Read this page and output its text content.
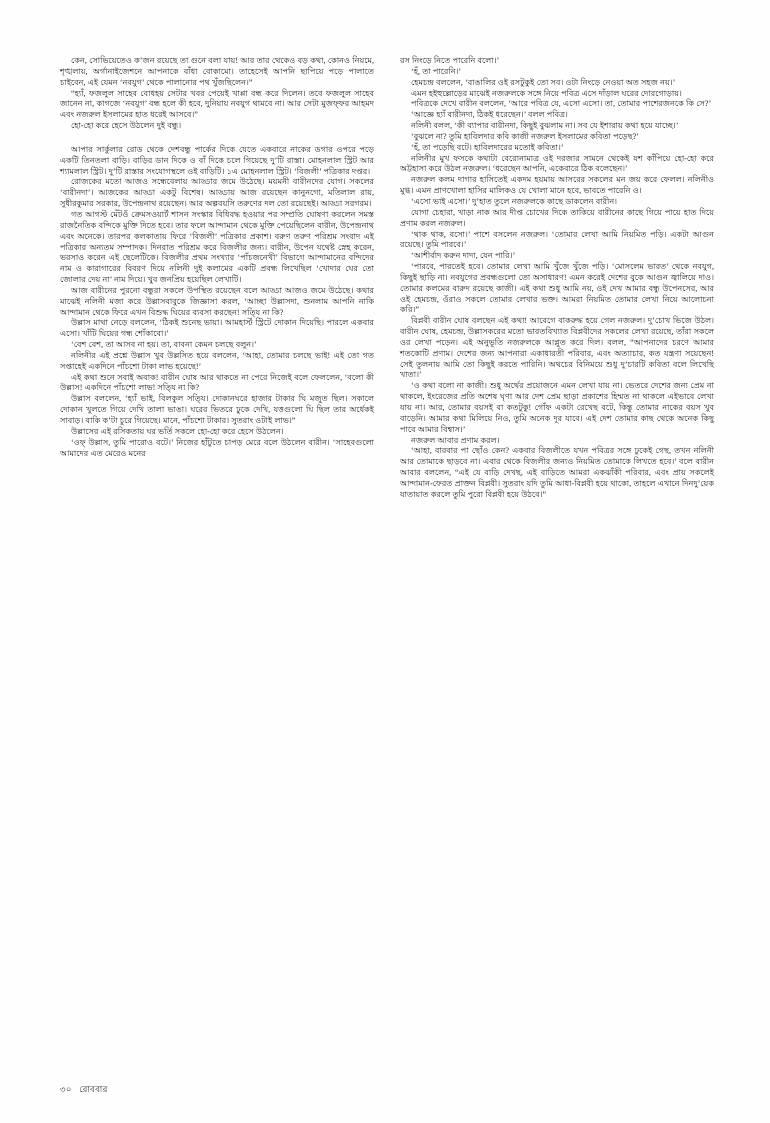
কেন, সোভিয়েতেও ক’জন রয়েছে তা গুনে বলা যায়! আর তার থেকেও বড় কথা, কোনও নিয়মে, শৃঙ্খলায়, অর্গানাইজেশনে আপনাকে বাঁধা বোকামো। তাহেসেই আপনি ছাপিয়ে পড়ে পালাতে চাইবেন, এই যেমন ‘নবযুগ’ থেকে পালানোর পথ খুঁজছিলেন।”

“হ্যাঁ, ফজলুল সাহেব বোধহয় সেটার খবর পেয়েই খাপ্পা বন্ধ করে দিলেন। তবে ফজলুল সাহেব জানেন না, কাগজে ‘নবযুগ’ বন্ধ হলে কী হবে, দুনিয়ায় নবযুগ থামবে না। আর সেটা মুজফ্‌ফর আহমদ এবং নজরুল ইসলামের হাত ধরেই আসবে।”

হো-হো করে হেসে উঠলেন দুই বন্ধু।

আপার সার্কুলার রোড থেকে দেশবন্ধু পার্কের দিকে যেতে একবারে নাকের ডগার ওপরে পড়ে একটি তিনতলা বাড়ি। বাড়ির ডান দিকে ও বাঁ দিকে চলে গিয়েছে দু’টি রাস্তা। মোহনলাল স্ট্রিট আর শ্যামলাল স্ট্রিট। দু’টি রাস্তার সংযোগস্থলে ওই বাড়িটি। ১এ মোহনলাল স্ট্রিট। ‘বিজলী’ পত্রিকার দপ্তর।

রোজকের মতো আজও সন্ধেবেলায় আড্ডার জমে উঠেছে। ময়মনী বারীনদের যোগ। সকলের ‘বারীনদা’। আজকের আড্ডা একটু বিশেষ। আড্ডায় আজ রয়েছেন কানুনগো, মতিলাল রায়, সুধীরকুমার সরকার, উপেন্দ্রনাথ রয়েছেন। আর অল্পবয়সি তরুণের দল তো রয়েছেই। আড্ডা সরগরম।

গত আগস্ট মেঁটওঁ ক্রেমসওয়ার্ট শাসন সংস্কার বিধিবদ্ধ হওয়ার পর সম্প্রতি ঘোষণা করলেন সমস্ত রাজনৈতিক বন্দিকে মুক্তি দিতে হবে। তার ফলে আন্দামান থেকে মুক্তি পেয়েছিলেন বারীন, উপেন্দ্রনাথ এবং অনেকে। তারপর কলকাতায় ফিরে ‘বিজলী’ পত্রিকার প্রকাশ। বরুণ তরুণ পরিশ্রম সংবাদ এই পত্রিকার অন্যতম সম্পাদক। দিনরাত পরিশ্রম করে বিজলীর জন্য। বারীন, উপেন যথেষ্ট স্নেহ করেন, ভরসাও করেন এই ছেলেটিকে। বিজলীর প্রথম সংখ্যার ‘পাঁচজনেখী’ বিভাগে আন্দামানের বন্দিদের নাম ও কারাগারের বিবরণ দিয়ে নলিনী দুই কলামের একটি প্রবন্ধ লিখেছিল ‘খোদার ঘের তো জোলার দেয় না’ নাম দিয়ে। খুব জনপ্রিয় হয়েছিল লেখাটি।

আজ বারীনের পুরনো বন্ধুরা সকলে উপস্থিত রয়েছেন বলে আড্ডা আজও জমে উঠেছে। কথার মাঝেই নলিনী মজা করে উল্লাসবাবুকে জিজ্ঞাসা করল, ‘আচ্ছা উল্লাসদা, শুনলাম আপনি নাকি আন্দামান থেকে ফিরে এখন বিশুদ্ধ ঘিয়ের ব্যবসা করছেন! সতি্য না কি?

উল্লাস মাথা নেড়ে বললেন, ‘ঠিকই শুনেছ ভায়া। আমহার্স্ট স্ট্রিটে দোকান দিয়েছি। পারলে একবার এসো। খাঁটি ঘিয়ের গন্ধ শোঁকাবো।’

‘বেশ বেশ, তা আসব না হয়। তা, বাবনা কেমন চলছে বলুন।’

নলিনীর এই প্রশ্নে উল্লাস খুব উল্লসিত হয়ে বললেন, ‘আহা, তোমার চলছে ভাই! এই তো গত সপ্তাহেই একদিনে পাঁচশো টাকা লাভ হয়েছে!’

এই কথা শুনে সবাই অবাক! বারীন ঘোষ আর থাকতে না পেরে নিজেই বলে ফেললেন, ‘বলো কী উল্লাস! একদিনে পাঁচশো লাভ! সতি্য না কি?

উল্লাস বললেন, ‘হ্যাঁ ভাই, বিলকুল সতি্য। দোকানঘরে হাজার টাকার ঘি মজুত ছিল। সকালে দোকান খুলতে গিয়ে দেখি তালা ভাঙা। ঘরের ভিতরে ঢুকে দেখি, যত্তগুলো ঘি ছিল তার অর্ধেকই সাবাড়। বাকি ক’টা চুরে গিয়েছে। মানে, পাঁচশো টাকার। সুতরাং ওটাই লাভ।”

উল্লাসের এই রসিকতায় ঘর ভর্তি সকলে হো-হো করে হেসে উঠলেন।

‘ওফ্‌ উল্লাস, তুমি পারোও বটে।’ নিজের হাঁটুতে চাপড় মেরে বলে উঠলেন বারীন। ‘সাহেবগুলো আমাদের এত মেরেও মনের

রস নিংড়ে নিতে পারেনি বলো।’

‘হঁ, তা পারেনি।’

হেমচন্দ্র বললেন, ‘বাঙালির ওই রসটুকুই তো সব। ওটা নিংড়ে নেওয়া অত সহজ নয়।’

এমন হইহুল্লোড়ের মাঝেই নজরুলকে সঙ্গে নিয়ে পবিত্র এসে দাঁড়াল ঘরের দোরগোড়ায়।

পবিত্রকে দেখে বারীন বললেন, ‘আরে পবিত্র যে, এসো এসো। তা, তোমার পাশেরজনকে কি সে?’

‘আজ্ঞে হ্যাঁ বারীনদা, ঠিকই ধরেছেন।’ বলল পবিত্র।

নলিনী বলল, ‘কী ব্যাপার বারীনদা, কিছুই বুঝলাম না। সব যে ইশারায় কথা হয়ে যাচ্ছে।’

‘বুঝলে না? তুমি হাবিলদার কবি কাজী নজরুল ইসলামের কবিতা পড়েছ?’

‘হঁ, তা পড়েছি বটে। হাবিলদারের মতোই কবিতা।’

নলিনীর মুখ ফসকে কথাটা বেরোনামাত্র ওই দরজার সামনে থেকেই যশ কাঁপিয়ে হো-হো করে অট্টহাসা করে উঠল নজরুল। ‘ধরেছেন আপনি, একেবারে ঠিক বলেছেন।’

নজরুল কলম দাগার হাসিতেই একদম হয়মায় আসরের সকলের মন জয় করে ফেলল। নলিনীও মুগ্ধ। এমন প্রাণখোলা হাসির মালিকও যে খোলা মানে হবে, ভাবতে পারেনি ও।

‘এসো ভাই এসো।’ দু’হাত তুলে নজরুলকে কাছে ডাকলেন বারীন।

যোগা চেহারা, খাড়া নাক আর দীপ্ত চোখের দিকে তাকিয়ে বারীনের কাছে গিয়ে পায়ে হাত দিয়ে প্রণাম করল নজরুল।

‘থাক থাক, বসো।’ পাশে বসলেন নজরুল। ‘তোমার লেখা আমি নিয়মিত পড়ি। একটা আগুন রয়েছে। তুমি পারবে।’

‘আশীর্বাদ করুন দাদা, যেন পারি।’

‘পারবে, পারতেই হবে। তোমার লেখা আমি খুঁজে খুঁজে পড়ি। ‘মোসলেম ভারত’ থেকে নবযুগ, কিছুই ছাড়ি না। নবযুগের প্রবন্ধগুলো তো অসাধারণ! এমন করেই দেশের বুকে আগুন জ্বালিয়ে দাও। তোমার কলমের বারুদ রয়েছে কাজী। এই কথা শুধু আমি নয়, ওই দেখ আমার বন্ধু উপেনসের, আর ওই হেমচন্দ্র, ওঁরাও সকলে তোমার লেখার ভক্ত। আমরা নিয়মিত তোমার লেখা নিয়ে আলোচনা করি।”

বিপ্লবী বারীন ঘোষ বলছেন এই কথা! আবেগে বাকরুদ্ধ হয়ে গেল নজরুল। দু’চোখ ভিজে উঠল। বারীন ঘোষ, হেমচন্দ্র, উল্লাসকরের মতো ভারতবিখ্যাত বিপ্লবীদের সকলের লেখা রয়েছে, তাঁরা সকলে ওর লেখা পড়েন। এই অনুভূতি নজরুলকে আপ্লুত করে দিল। বলল, “আপনাদের চরণে আমার শতকোটি প্রণাম। দেশের জন্য আপনারা একাধারতী পরিবার, এবং অত্যাচার, কত যন্ত্রণা সয়েছেন! সেই তুলনায় আমি তো কিছুই করতে পারিনি। অথচের বিনিময়ে শুধু দু’চারটি কবিতা বলে লিখেছি খাতা।’

‘ও কথা বলো না কাজী। শুধু অর্থের প্রয়োজনে এমন লেখা যায় না। ভেতরে দেশের জন্য প্রেম না থাকলে, ইংরেজের প্রতি অশেষ ঘৃণা আর দেশ প্রেম ছাড়া প্রকাশের হিম্মত না থাকলে এইভাবে লেখা যায় না। আর, তোমার বয়সই বা কতটুকু! গোঁফ একটা রেখেছ বটে, কিন্তু তোমার নাকের বয়স খুব বাড়েনি। আমার কথা মিলিয়ে নিও, তুমি অনেক দূর যাবে। এই দেশ তোমার কাছ থেকে অনেক কিছু পাবে আমার বিশ্বাস।’

নজরুল আবার প্রণাম করল।

‘আহা, বারবার পা ছোঁও কেন? একবার বিজলীতে যখন পবিত্রর সঙ্গে ঢুকেই গেছ, তখন নলিনী আর তোমাকে ছাড়বে না। এবার থেকে বিজলীর জন্যও নিয়মিত তোমাকে লিখতে হবে।’ বলে বারীন আবার বললেন, “এই যে বাড়ি দেখছ, এই বাড়িতে আমরা একঝাঁকী পরিবার, এবং প্রায় সকলেই আন্দামান-ফেরত প্রাক্তন বিপ্লবী। সুতরাং যদি তুমি আধা-বিপ্লবী হয়ে থাকো, তাহলে এখানে দিনদু’য়েক যাতায়াত করলে তুমি পুরো বিপ্লবী হয়ে উঠবে।”

৩০ রোববার
